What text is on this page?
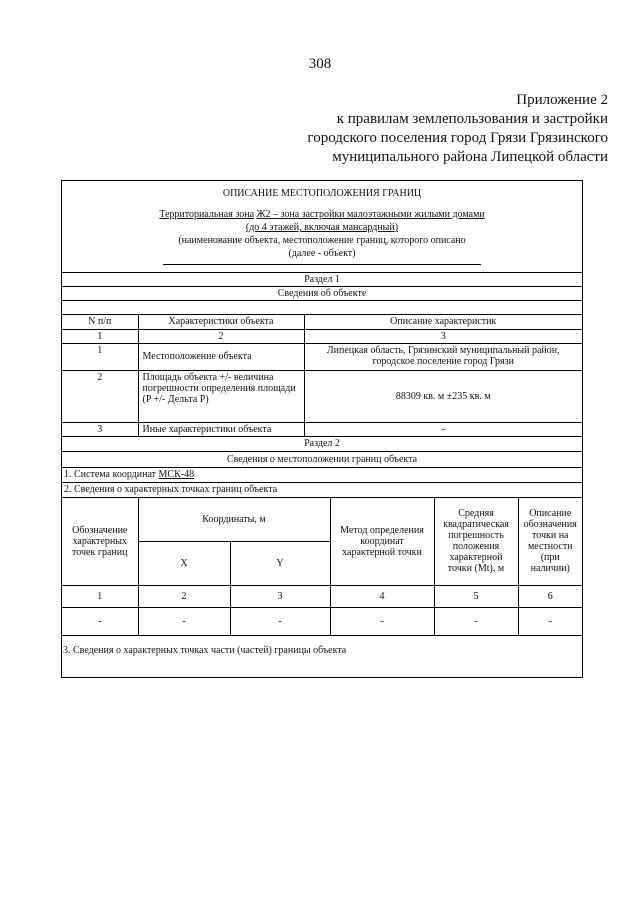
308
Приложение 2
к правилам землепользования и застройки
городского поселения город Грязи Грязинского
муниципального района Липецкой области
ОПИСАНИЕ МЕСТОПОЛОЖЕНИЯ ГРАНИЦ
Территориальная зона Ж2 – зона застройки малоэтажными жилыми домами
(до 4 этажей, включая мансардный)
(наименование объекта, местоположение границ, которого описано
(далее - объект)
Раздел 1
Сведения об объекте
N п/п	Характеристики объекта	Описание характеристик
1	2	3
1	Местоположение объекта	Липецкая область, Грязинский муниципальный район, городское поселение город Грязи
2	Площадь объекта +/- величина погрешности определения площади (P +/- Дельта P)	88309 кв. м ±235 кв. м
3	Иные характеристики объекта	-
Раздел 2
Сведения о местоположении границ объекта
1. Система координат МСК-48
2. Сведения о характерных точках границ объекта
Обозначение характерных точек границ	Координаты, м		Метод определения координат характерной точки	Средняя квадратическая погрешность положения характерной точки (Mt), м	Описание обозначения точки на местности (при наличии)
	X	Y			
1	2	3	4	5	6
-	-	-	-	-	-
3. Сведения о характерных точках части (частей) границы объекта
